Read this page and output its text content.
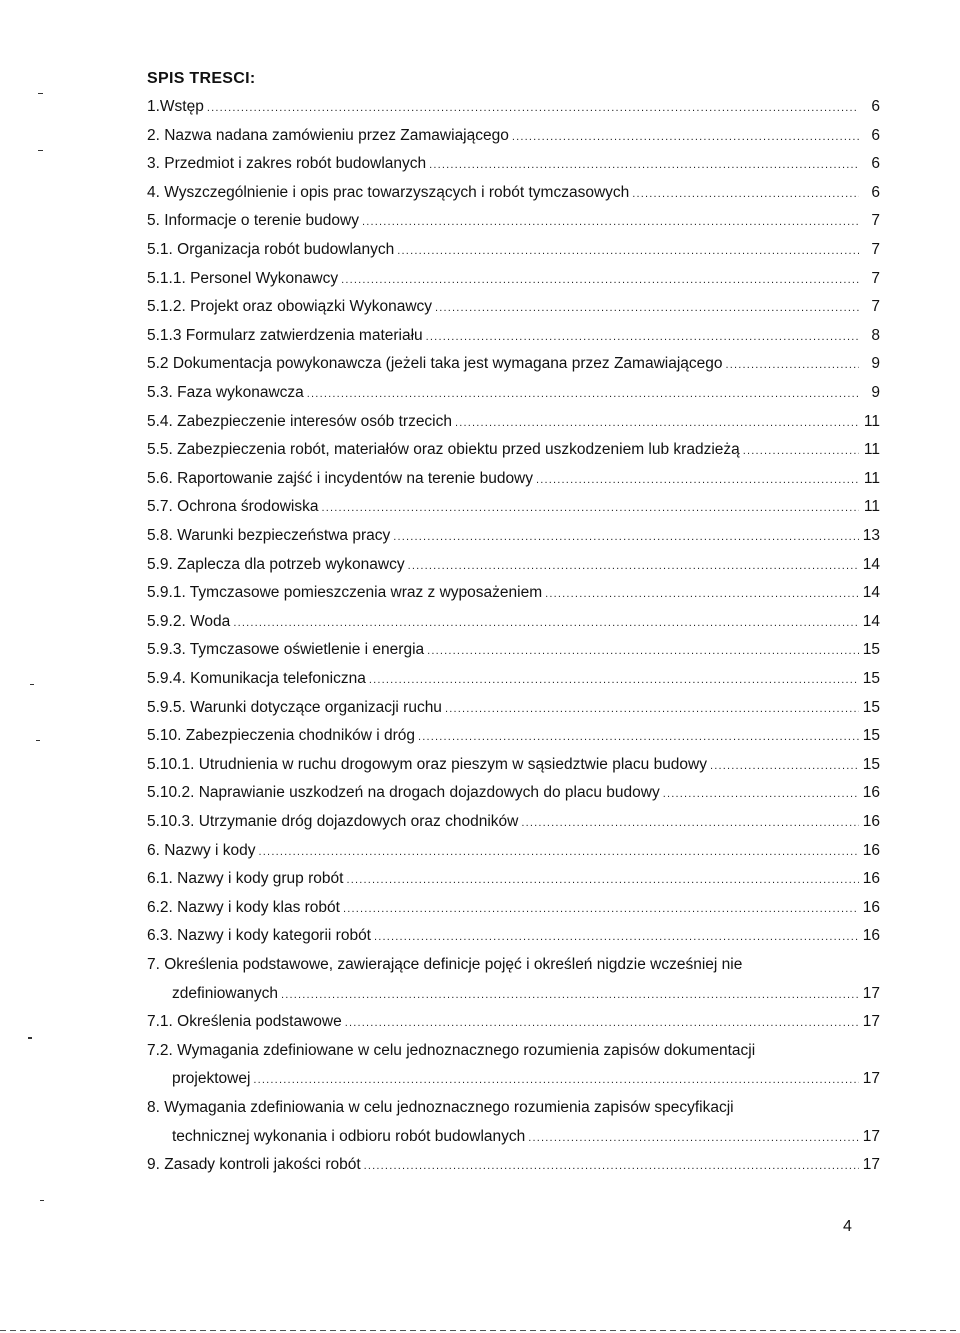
SPIS TRESCI:
1.Wstęp .....	6
2. Nazwa nadana zamówieniu przez Zamawiającego .....	6
3. Przedmiot i zakres robót budowlanych .....	6
4. Wyszczególnienie i opis prac towarzyszących i robót tymczasowych .....	6
5. Informacje o terenie budowy .....	7
5.1. Organizacja robót budowlanych .....	7
5.1.1. Personel Wykonawcy .....	7
5.1.2. Projekt oraz obowiązki Wykonawcy .....	7
5.1.3 Formularz zatwierdzenia materiału .....	8
5.2 Dokumentacja powykonawcza (jeżeli taka jest wymagana przez Zamawiającego .....	9
5.3. Faza wykonawcza .....	9
5.4. Zabezpieczenie interesów osób trzecich .....	11
5.5. Zabezpieczenia robót, materiałów oraz obiektu przed uszkodzeniem lub kradzieżą .....	11
5.6. Raportowanie zajść i incydentów na terenie budowy .....	11
5.7. Ochrona środowiska .....	11
5.8. Warunki bezpieczeństwa pracy .....	13
5.9. Zaplecza dla potrzeb wykonawcy .....	14
5.9.1. Tymczasowe pomieszczenia wraz z wyposażeniem .....	14
5.9.2. Woda .....	14
5.9.3. Tymczasowe oświetlenie i energia .....	15
5.9.4. Komunikacja telefoniczna .....	15
5.9.5. Warunki dotyczące organizacji ruchu .....	15
5.10. Zabezpieczenia chodników i dróg .....	15
5.10.1. Utrudnienia w ruchu drogowym oraz pieszym w sąsiedztwie placu budowy .....	15
5.10.2. Naprawianie uszkodzeń na drogach dojazdowych do placu budowy .....	16
5.10.3. Utrzymanie dróg dojazdowych oraz chodników .....	16
6. Nazwy i kody .....	16
6.1. Nazwy i kody grup robót .....	16
6.2. Nazwy i kody klas robót .....	16
6.3. Nazwy i kody kategorii robót .....	16
7. Określenia podstawowe, zawierające definicje pojęć i określeń nigdzie wcześniej nie
zdefiniowanych .....	17
7.1. Określenia podstawowe .....	17
7.2. Wymagania zdefiniowane w celu jednoznacznego rozumienia zapisów dokumentacji
projektowej .....	17
8. Wymagania zdefiniowania w celu jednoznacznego rozumienia zapisów specyfikacji
technicznej wykonania i odbioru robót budowlanych .....	17
9. Zasady kontroli jakości robót .....	17
4
